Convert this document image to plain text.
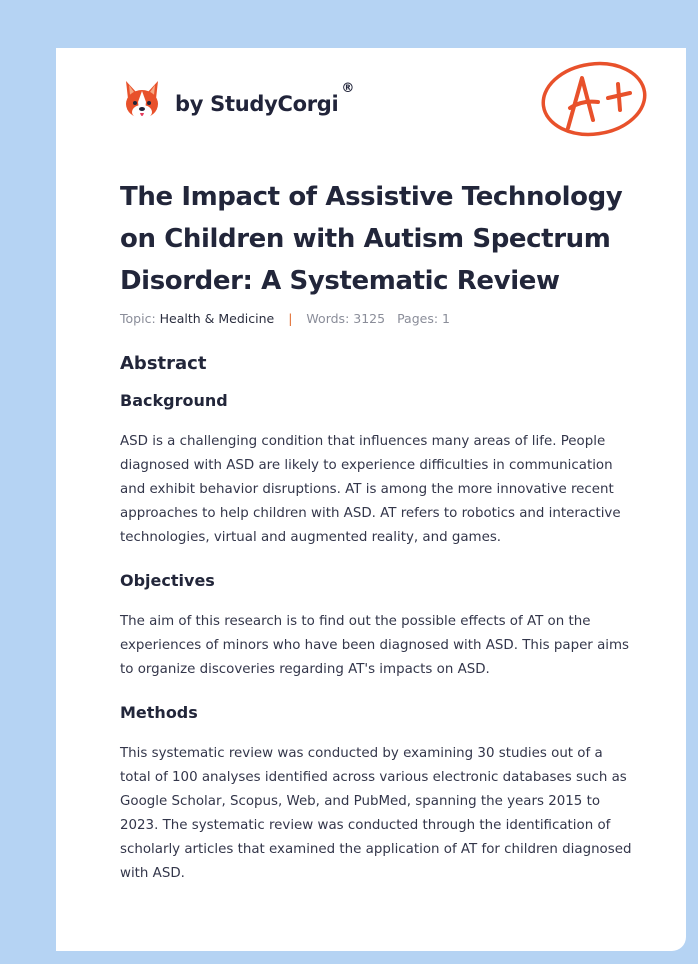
by StudyCorgi
®
The Impact of Assistive Technology on Children with Autism Spectrum Disorder: A Systematic Review
Topic: Health & Medicine | Words: 3125 Pages: 1
Abstract
Background

ASD is a challenging condition that influences many areas of life. People diagnosed with ASD are likely to experience difficulties in communication and exhibit behavior disruptions. AT is among the more innovative recent approaches to help children with ASD. AT refers to robotics and interactive technologies, virtual and augmented reality, and games.

Objectives

The aim of this research is to find out the possible effects of AT on the experiences of minors who have been diagnosed with ASD. This paper aims to organize discoveries regarding AT's impacts on ASD.

Methods

This systematic review was conducted by examining 30 studies out of a total of 100 analyses identified across various electronic databases such as Google Scholar, Scopus, Web, and PubMed, spanning the years 2015 to 2023. The systematic review was conducted through the identification of scholarly articles that examined the application of AT for children diagnosed with ASD.
